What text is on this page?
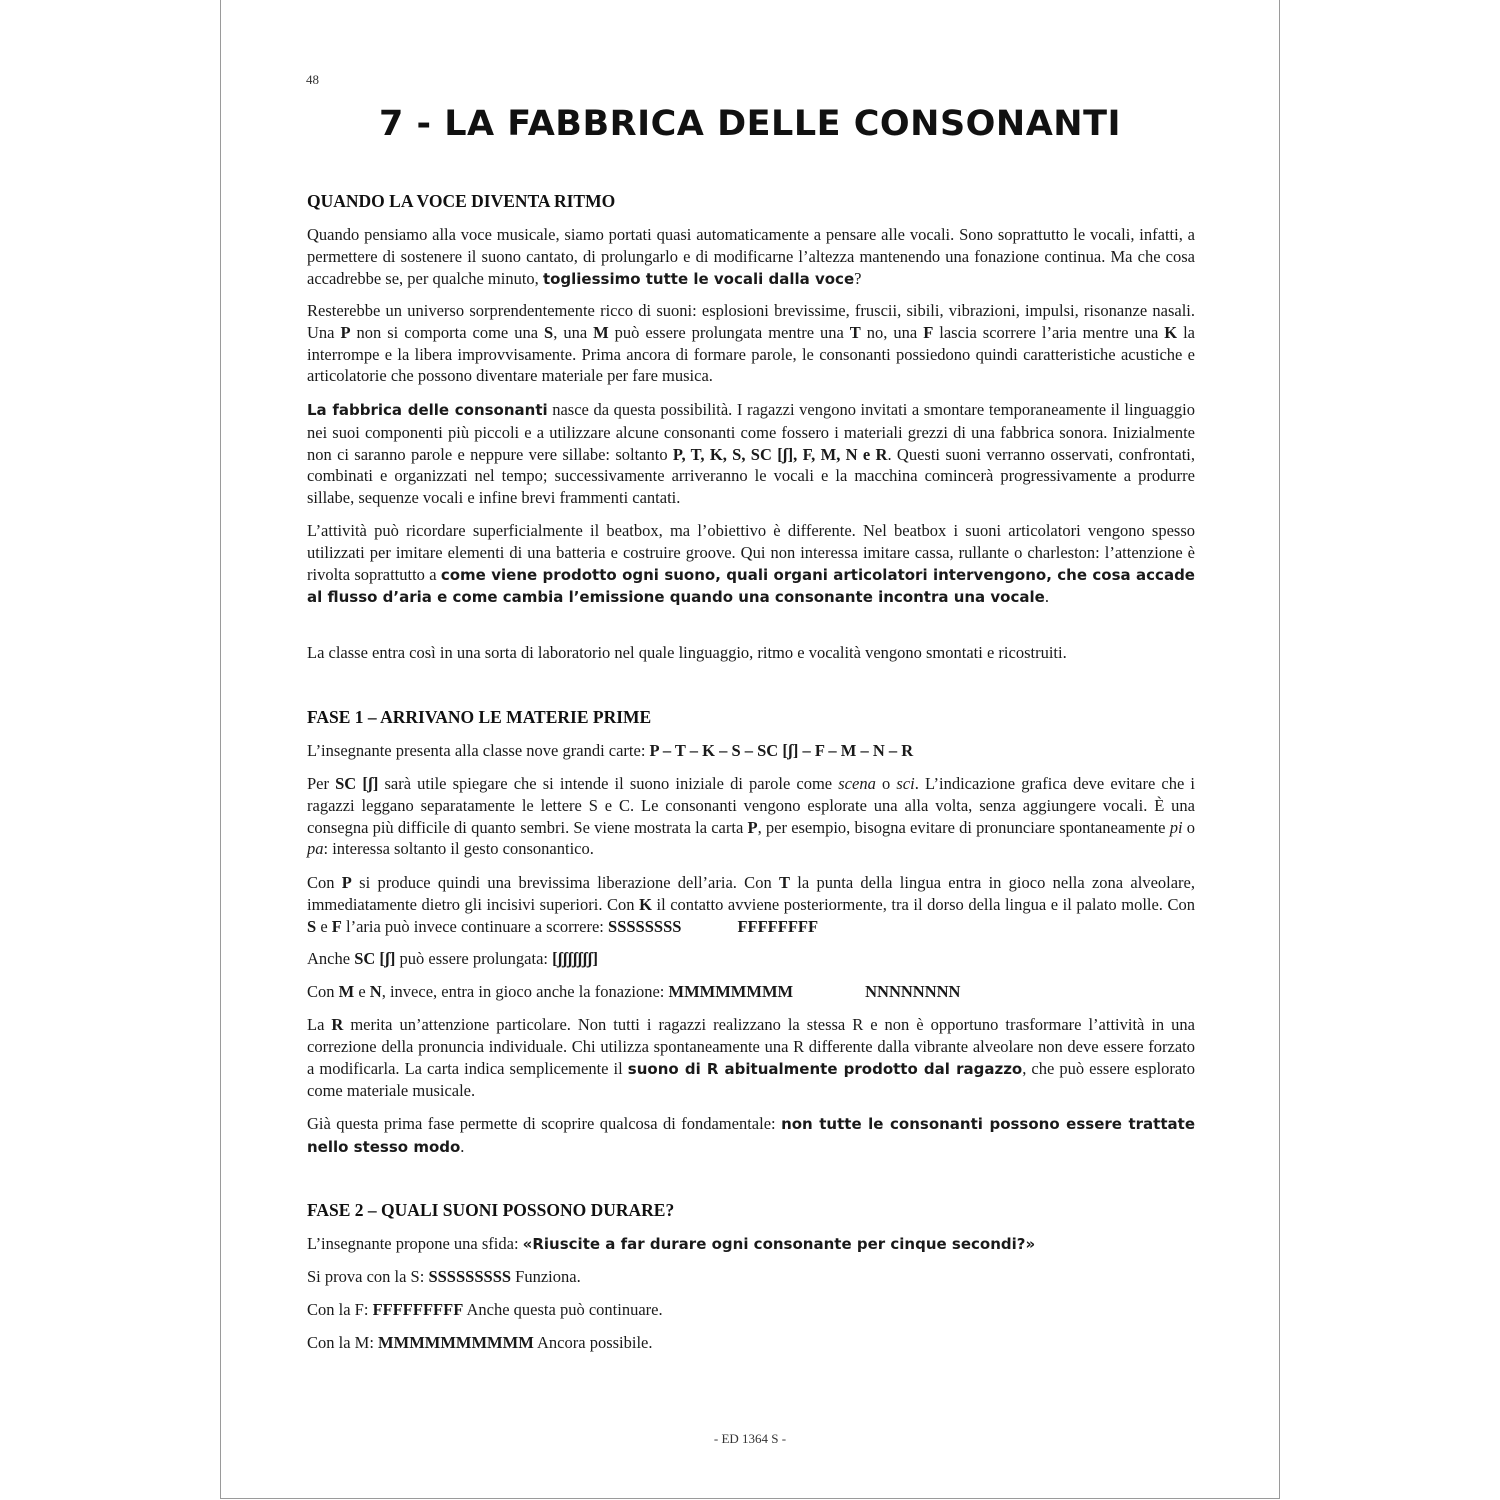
48
7 - LA FABBRICA DELLE CONSONANTI
QUANDO LA VOCE DIVENTA RITMO

Quando pensiamo alla voce musicale, siamo portati quasi automaticamente a pensare alle vocali. Sono soprattutto le vocali, infatti, a permettere di sostenere il suono cantato, di prolungarlo e di modificarne l’altezza mantenendo una fonazione continua. Ma che cosa accadrebbe se, per qualche minuto, togliessimo tutte le vocali dalla voce?

Resterebbe un universo sorprendentemente ricco di suoni: esplosioni brevissime, fruscii, sibili, vibrazioni, impulsi, risonanze nasali. Una P non si comporta come una S, una M può essere prolungata mentre una T no, una F lascia scorrere l’aria mentre una K la interrompe e la libera improvvisamente. Prima ancora di formare parole, le consonanti possiedono quindi caratteristiche acustiche e articolatorie che possono diventare materiale per fare musica.

La fabbrica delle consonanti nasce da questa possibilità. I ragazzi vengono invitati a smontare temporaneamente il linguaggio nei suoi componenti più piccoli e a utilizzare alcune consonanti come fossero i materiali grezzi di una fabbrica sonora. Inizialmente non ci saranno parole e neppure vere sillabe: soltanto P, T, K, S, SC [ʃ], F, M, N e R. Questi suoni verranno osservati, confrontati, combinati e organizzati nel tempo; successivamente arriveranno le vocali e la macchina comincerà progressivamente a produrre sillabe, sequenze vocali e infine brevi frammenti cantati.

L’attività può ricordare superficialmente il beatbox, ma l’obiettivo è differente. Nel beatbox i suoni articolatori vengono spesso utilizzati per imitare elementi di una batteria e costruire groove. Qui non interessa imitare cassa, rullante o charleston: l’attenzione è rivolta soprattutto a come viene prodotto ogni suono, quali organi articolatori intervengono, che cosa accade al flusso d’aria e come cambia l’emissione quando una consonante incontra una vocale.

La classe entra così in una sorta di laboratorio nel quale linguaggio, ritmo e vocalità vengono smontati e ricostruiti.

FASE 1 – ARRIVANO LE MATERIE PRIME

L’insegnante presenta alla classe nove grandi carte: P – T – K – S – SC [ʃ] – F – M – N – R

Per SC [ʃ] sarà utile spiegare che si intende il suono iniziale di parole come scena o sci. L’indicazione grafica deve evitare che i ragazzi leggano separatamente le lettere S e C. Le consonanti vengono esplorate una alla volta, senza aggiungere vocali. È una consegna più difficile di quanto sembri. Se viene mostrata la carta P, per esempio, bisogna evitare di pronunciare spontaneamente pi o pa: interessa soltanto il gesto consonantico.

Con P si produce quindi una brevissima liberazione dell’aria. Con T la punta della lingua entra in gioco nella zona alveolare, immediatamente dietro gli incisivi superiori. Con K il contatto avviene posteriormente, tra il dorso della lingua e il palato molle. Con S e F l’aria può invece continuare a scorrere: SSSSSSSS	FFFFFFFF

Anche SC [ʃ] può essere prolungata: [ʃʃʃʃʃʃʃ]

Con M e N, invece, entra in gioco anche la fonazione: MMMMMMMM	NNNNNNNN

La R merita un’attenzione particolare. Non tutti i ragazzi realizzano la stessa R e non è opportuno trasformare l’attività in una correzione della pronuncia individuale. Chi utilizza spontaneamente una R differente dalla vibrante alveolare non deve essere forzato a modificarla. La carta indica semplicemente il suono di R abitualmente prodotto dal ragazzo, che può essere esplorato come materiale musicale.

Già questa prima fase permette di scoprire qualcosa di fondamentale: non tutte le consonanti possono essere trattate nello stesso modo.

FASE 2 – QUALI SUONI POSSONO DURARE?

L’insegnante propone una sfida: «Riuscite a far durare ogni consonante per cinque secondi?»

Si prova con la S: SSSSSSSSS Funziona.

Con la F: FFFFFFFFF Anche questa può continuare.

Con la M: MMMMMMMMMM Ancora possibile.

- ED 1364 S -
